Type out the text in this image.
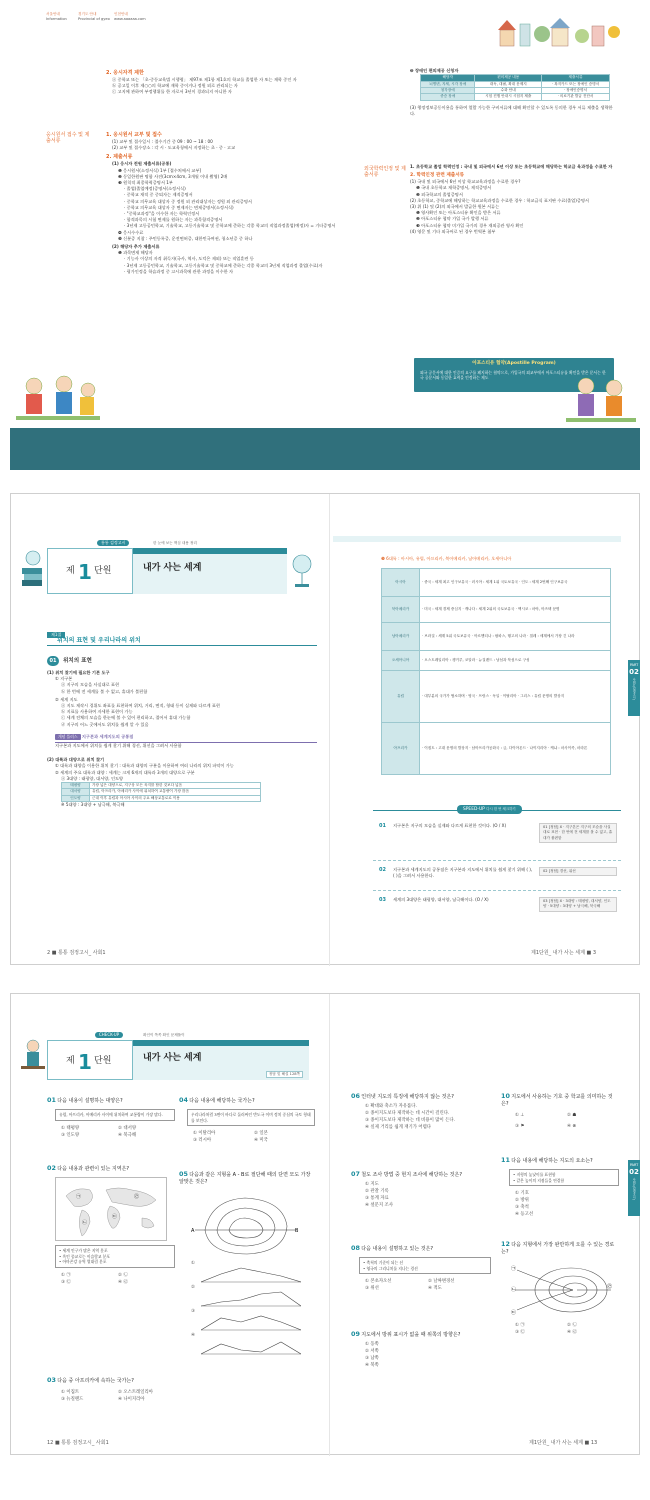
서울안내	경기도 안내	인천안내
Information	Provincial of gyeo www.aaaaaa.com
2. 응시자격 제한
ⓐ 중학교 또는 「초·중등교육법 시행령」 제97조 제1항 제1호의 학교를 졸업한 자 또는 재학 중인 자
ⓑ 공고일 이후 제○○의 학교에 재학 중이거나 정원 외로 관리되는 자
ⓒ 고지에 관하여 부정행위를 한 자로서 3년이 경과되지 아니한 자
응시원서 접수 및 제출서류
1. 응시원서 교부 및 접수
(1) 교부 및 접수일시 : 접수기간 중 09 : 00 ~ 18 : 00
(2) 교부 및 접수장소 : 각 시 · 도교육청에서 지정하는 초 · 중 · 고교
2. 제출서류
(1) 응시자 전원 제출서류(공통)
❶ 응시원서(소정서식) 1부 [접수처에서 교부]
❷ 동일한원판 명함 사진(3cm×4cm, 3개월 이내 촬영) 2매
❸ 원칙적 최종학력증명서 1부
· 졸업(졸업예정)증명서(소정서식)
· 중학교 재적 중 중퇴자는 제적증명서
· 중학교 의무교육 대상자 중 정원 외 관리대상자는 정원 외 관리증명서
· 중학교 의무교육 대상자 중 면제자는 면제증명서(소정서식)
· "중학교과정"을 이수한 자는 학력인정서
· 합격과목의 시험 면제를 원하는 자는 과목합격증명서
· 3년제 고등공민학교, 기술학교, 고등기술학교 및 중학교에 준하는 각종 학교의 직업과정졸업(예정)자 = 기타증명서
❹ 응시수수료
❺ 신분증 지참 : 주민등록증, 운전면허증, 대한민국여권, 청소년증 중 하나
(2) 해당자 추가 제출서류
❶ 과목면제 해당자
· 기능사 이상의 자격 취득자(국사, 역사, 도덕은 제외) 또는 직업훈련 등
· 3년제 고등공민학교, 기술학교, 고등기술학교 및 중학교에 준하는 각종 학교의 3년제 직업과정 졸업(수료)자
· 평가인정을 학습과정 중 고시과목에 관한 과정을 이수한 자
❷ 장애인 편의제공 신청자
해당자	편의제공 내용	제출서류
뇌병변, 지체, 시각 장애	대독, 대필, 확대 문제지	· 복지카드 또는 장애인 증명서
청각장애	수화 안내	· 장애인증명서
중증 장애	시험 진행 안내시 시험지 제출	· 의료기관 발급 진단서
(3) 행정정보공동이용을 통하여 열람 가능한 구비서류에 대해 확인할 수 있도록 동의한 경우 서류 제출을 생략한다.
외국학력인정 및 제출서류
1. 초등학교 졸업 학력인정 : 국내 및 외국에서 6년 이상 또는 초등학교에 해당하는 학교급 육과정을 수료한 자
2. 학력인정 관련 제출서류
(1) 국내 및 외국에서 6년 이상 학교교육과정을 수료한 경우?
❶ 국내 초등학교 재학증명서, 제적증명서
❷ 외국학교의 졸업증명서
(2) 초등학교, 중학교에 해당하는 학교교육과정을 수료한 경우 : 학교급식 표지판 수료(졸업)증명서
(3) 위 (1) 및 (2)의 외국에서 발급한 원본 서류는
❶ 영사확인 또는 아포스티유 확인을 받은 서류
❷ 아포스티유 협약 가입 국가 발행 서류
❸ 아포스티유 협약 미가입 국가의 경우 재외공관 영사 확인
(4) 영문 및 기타 외국어로 된 경우 번역본 첨부
아포스티유 협약(Apostille Program)
외국 공문서에 대한 인증의 요구를 폐지하는 협약으로, 가입국의 외교부에서 아포스티유를 확인을 받은 문서는 한국 공문서와 동일한 효력을 인정하는 제도
통통 검정고시	한 눈에 보는 핵심 내용 정리
제 1 단원	내가 사는 세계
제1절
위치의 표현 및 우리나라의 위치
01	위치의 표현
(1) 위치 찾기에 필요한 기본 도구
① 지구본
ⓐ 지구의 모습을 사실대로 표현
ⓑ 한 번에 전 세계를 볼 수 없고, 휴대가 불편함
② 세계 지도
ⓐ 지도 제작시 경위도 좌표를 표현하여 위치, 거리, 면적, 형태 등이 실제와 다르게 표현
ⓑ 지표를 사용하여 자세한 표현이 가능
ⓒ 세계 전체의 모습을 한눈에 볼 수 있어 편리하고, 접어서 휴대 가능함
ⓓ 지구의 어느 곳에서도 위치를 쉽게 알 수 있음
개념 플러스 지구본과 세계지도의 공통점
지구본과 지도에서 위치를 쉽게 찾기 위해 경선, 위선을 그려서 사용함
(2) 대륙과 대양으로 위치 찾기
① 대륙과 대양을 이용한 위치 찾기 : 대륙과 대양의 구분을 이용하여 여러 나라의 위치 파악이 가능
② 세계의 주요 대륙과 대양 : 세계는 크게 6개의 대륙과 3개의 대양으로 구분
ⓐ 3대양 : 태평양, 대서양, 인도양
태평양	가장 넓은 대양으로, 지구상 모든 육지를 합한 것보다 넓음
대서양	유럽, 아프리카, 아메리카 사이에 위치하여 교통량이 가장 많음
인도양	근대 이후 유럽과 아시아 사이의 주요 해상교통로로 이용
※ 5대양 : 3대양 + 남극해, 북극해
2 ■ 통통 검정고시_ 사회1
❺ 6대륙 : 아시아, 유럽, 아프리카, 북아메리카, 남아메리카, 오세아니아
아시아	· 중국 : 세계 최고 인구보유국 · 러시아 : 세계 1위 국토보유국 · 인도 : 세계 2번째 인구보유국
북아메리카	· 미국 : 세계 경제 중심지 · 캐나다 : 세계 2위의 국토보유국 · 멕시코 : 마야, 아즈텍 문명
남아메리카	· 브라질 : 세계 5위 국토보유국 · 아르헨티나 : 팜파스, 탱고의 나라 · 칠레 : 세계에서 가장 긴 나라
오세아니아	· 오스트레일리아 : 캥거루, 코알라 · 뉴질랜드 : 남섬과 북섬으로 구성
유럽	· 대부분의 국가가 협소하며 · 영국 · 프랑스 · 독일 · 이탈리아 · 그리스 : 유럽 문명의 발상지
아프리카	· 이집트 : 고대 문명의 발상지 · 남아프리카공화국 : 금, 다이아몬드 · 나이지리아 · 케냐 : 마사이족, 마라톤
SPEED-UP 다시 한 번 체크하기
01 지구본은 지구의 모습을 실제와 다르게 표현한 것이다. (O / X)	01 [정답] X · 지구본은 지구의 모습을 사실대로 표현 · 한 번에 전 세계를 볼 수 없고, 휴대가 불편함
02 지구본과 세계지도의 공통점은 지구본과 지도에서 위치를 쉽게 찾기 위해 ( ), ( )을 그려서 사용한다.
02 [정답] 경선, 위선
03 세계의 3대양은 태평양, 대서양, 남극해이다. (O / X)	03 [정답] X · 3대양 : 태평양, 대서양, 인도양 · 5대양 : 3대양 + 남극해, 북극해
제1단원_ 내가 사는 세계 ■ 3
PART
02
사회1(검정고시)
CHECK-UP	확인이 쏙쏙 확인 문제풀이
제 1 단원	내가 사는 세계
정답 및 해설 128쪽
01 다음 내용이 설명하는 대양은?
유럽, 아프리카, 아메리카 사이에 위치하여 교통량이 가장 많다.
① 태평양	② 대서양
③ 인도양	④ 북극해
02 다음 내용과 관련이 있는 지역은?
㉠
㉡
㉢
㉣
• 세계 인구가 많은 지역 분포
• 흑인 종교로는 이슬람교 분포
• 아마존강 유역 열대림 분포
① ㉠	② ㉡
③ ㉢	④ ㉣
03 다음 중 아프리카에 속하는 국가는?
① 이집트	② 오스트레일리아
③ 뉴질랜드	④ 나이지리아
04 다음 내용에 해당하는 국가는?
우리나라처럼 3면이 바다로 둘러싸인 반도국 이며 정치 중심의 국토 형태를 보인다.
① 이탈리아	② 일본
③ 러시아	④ 미국
05 다음과 같은 지형을 A - B로 절단해 때의 단면 모도 가장 알맞은 것은?
A	B
①
②
③
④
12 ■ 통통 검정고시_ 사회1
06 인터넷 지도의 특징에 해당하지 않는 것은?
① 확대와 축소가 자유롭다.
② 종이지도보다 제작하는 데 시간이 걸린다.
③ 종이지도보다 제작하는 데 비용이 많이 든다.
④ 실제 거리를 쉽게 재기가 어렵다
07 철도 조사 방법 중 현지 조사에 해당하는 것은?
① 지도
② 관찰 기록
③ 통계 자료
④ 설문지 조사
08 다음 내용이 설명하고 있는 것은?
• 축척의 기준이 되는 선
• 영국의 그리니치를 지나는 경선
① 본초자오선	② 날짜변경선
③ 위선	④ 적도
09 지도에서 방위 표시가 없을 때 위쪽의 방향은?
① 동쪽
② 서쪽
③ 남쪽
④ 북쪽
10 지도에서 사용하는 기호 중 학교를 의미하는 것은?
① ⊥	② ☗
③ ⚑	④ ⊗
11 다음 내용에 해당하는 지도의 요소는?
• 지형의 높낮이를 표현함
• 같은 높이의 지점들을 연결함
① 기호
② 방위
③ 축척
④ 등고선
12 다음 지형에서 가장 완만하게 오를 수 있는 경로는?
㉠
㉡
㉢
㉣
① ㉠	② ㉡
③ ㉢	④ ㉣
제1단원_ 내가 사는 세계 ■ 13
PART
02
사회1(검정고시)
